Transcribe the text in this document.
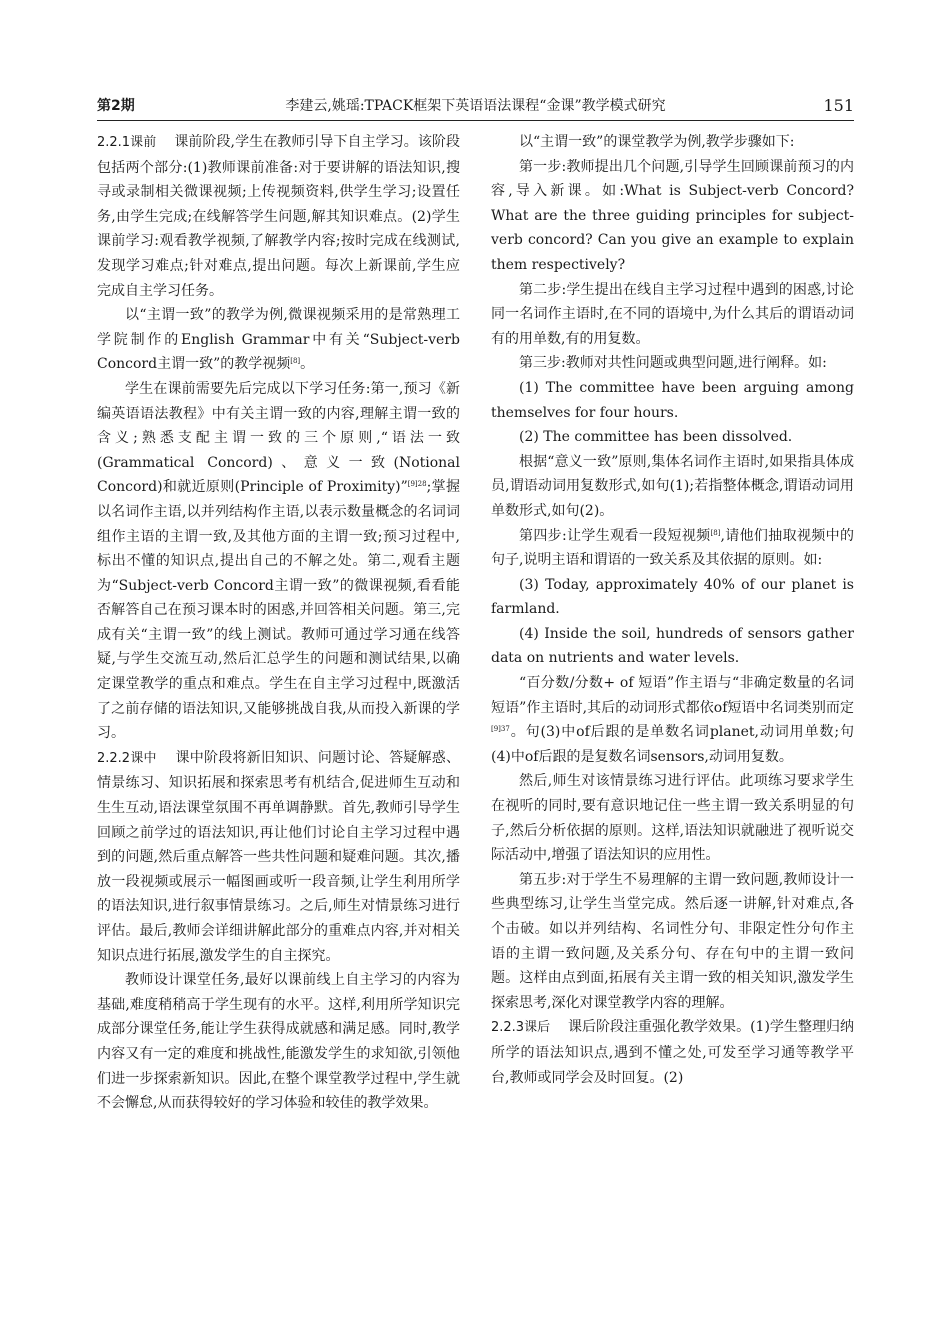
第2期	李建云,姚瑶:TPACK框架下英语语法课程“金课”教学模式研究	151

2.2.1课前 课前阶段,学生在教师引导下自主学习。该阶段包括两个部分:(1)教师课前准备:对于要讲解的语法知识,搜寻或录制相关微课视频;上传视频资料,供学生学习;设置任务,由学生完成;在线解答学生问题,解其知识难点。(2)学生课前学习:观看教学视频,了解教学内容;按时完成在线测试,发现学习难点;针对难点,提出问题。每次上新课前,学生应完成自主学习任务。

以“主谓一致”的教学为例,微课视频采用的是常熟理工学院制作的English Grammar中有关“Subject-verb Concord主谓一致”的教学视频[8]。

学生在课前需要先后完成以下学习任务:第一,预习《新编英语语法教程》中有关主谓一致的内容,理解主谓一致的含义;熟悉支配主谓一致的三个原则,“语法一致(Grammatical Concord)、意义一致(Notional Concord)和就近原则(Principle of Proximity)”$^{[9]28}$;掌握以名词作主语,以并列结构作主语,以表示数量概念的名词词组作主语的主谓一致,及其他方面的主谓一致;预习过程中,标出不懂的知识点,提出自己的不解之处。第二,观看主题为“Subject-verb Concord主谓一致”的微课视频,看看能否解答自己在预习课本时的困惑,并回答相关问题。第三,完成有关“主谓一致”的线上测试。教师可通过学习通在线答疑,与学生交流互动,然后汇总学生的问题和测试结果,以确定课堂教学的重点和难点。学生在自主学习过程中,既激活了之前存储的语法知识,又能够挑战自我,从而投入新课的学习。

2.2.2课中 课中阶段将新旧知识、问题讨论、答疑解惑、情景练习、知识拓展和探索思考有机结合,促进师生互动和生生互动,语法课堂氛围不再单调静默。首先,教师引导学生回顾之前学过的语法知识,再让他们讨论自主学习过程中遇到的问题,然后重点解答一些共性问题和疑难问题。其次,播放一段视频或展示一幅图画或听一段音频,让学生利用所学的语法知识,进行叙事情景练习。之后,师生对情景练习进行评估。最后,教师会详细讲解此部分的重难点内容,并对相关知识点进行拓展,激发学生的自主探究。

教师设计课堂任务,最好以课前线上自主学习的内容为基础,难度稍稍高于学生现有的水平。这样,利用所学知识完成部分课堂任务,能让学生获得成就感和满足感。同时,教学内容又有一定的难度和挑战性,能激发学生的求知欲,引领他们进一步探索新知识。因此,在整个课堂教学过程中,学生就不会懈怠,从而获得较好的学习体验和较佳的教学效果。

以“主谓一致”的课堂教学为例,教学步骤如下:

第一步:教师提出几个问题,引导学生回顾课前预习的内容,导入新课。如:What is Subject-verb Concord? What are the three guiding principles for subject-verb concord? Can you give an example to explain them respectively?

第二步:学生提出在线自主学习过程中遇到的困惑,讨论同一名词作主语时,在不同的语境中,为什么其后的谓语动词有的用单数,有的用复数。

第三步:教师对共性问题或典型问题,进行阐释。如:

(1) The committee have been arguing among themselves for four hours.

(2) The committee has been dissolved.

根据“意义一致”原则,集体名词作主语时,如果指具体成员,谓语动词用复数形式,如句(1);若指整体概念,谓语动词用单数形式,如句(2)。

第四步:让学生观看一段短视频[8],请他们抽取视频中的句子,说明主语和谓语的一致关系及其依据的原则。如:

(3) Today, approximately 40% of our planet is farmland.

(4) Inside the soil, hundreds of sensors gather data on nutrients and water levels.

“百分数/分数+ of 短语”作主语与“非确定数量的名词短语”作主语时,其后的动词形式都依of短语中名词类别而定$^{[9]37}$。句(3)中of后跟的是单数名词planet,动词用单数;句(4)中of后跟的是复数名词sensors,动词用复数。

然后,师生对该情景练习进行评估。此项练习要求学生在视听的同时,要有意识地记住一些主谓一致关系明显的句子,然后分析依据的原则。这样,语法知识就融进了视听说交际活动中,增强了语法知识的应用性。

第五步:对于学生不易理解的主谓一致问题,教师设计一些典型练习,让学生当堂完成。然后逐一讲解,针对难点,各个击破。如以并列结构、名词性分句、非限定性分句作主语的主谓一致问题,及关系分句、存在句中的主谓一致问题。这样由点到面,拓展有关主谓一致的相关知识,激发学生探索思考,深化对课堂教学内容的理解。

2.2.3课后 课后阶段注重强化教学效果。(1)学生整理归纳所学的语法知识点,遇到不懂之处,可发至学习通等教学平台,教师或同学会及时回复。(2)
